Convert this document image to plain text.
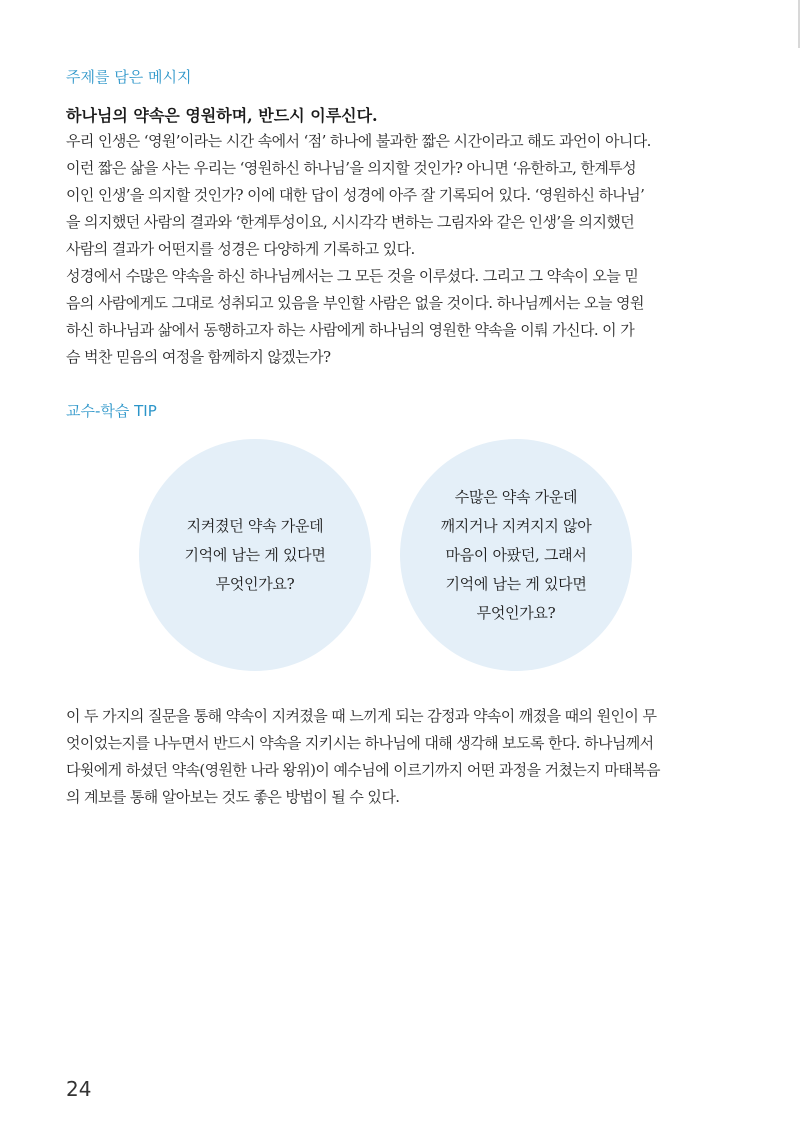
주제를 담은 메시지
하나님의 약속은 영원하며, 반드시 이루신다.
우리 인생은 ‘영원’이라는 시간 속에서 ‘점’ 하나에 불과한 짧은 시간이라고 해도 과언이 아니다.
이런 짧은 삶을 사는 우리는 ‘영원하신 하나님’을 의지할 것인가? 아니면 ‘유한하고, 한계투성
이인 인생’을 의지할 것인가? 이에 대한 답이 성경에 아주 잘 기록되어 있다. ‘영원하신 하나님’
을 의지했던 사람의 결과와 ‘한계투성이요, 시시각각 변하는 그림자와 같은 인생’을 의지했던
사람의 결과가 어떤지를 성경은 다양하게 기록하고 있다.
성경에서 수많은 약속을 하신 하나님께서는 그 모든 것을 이루셨다. 그리고 그 약속이 오늘 믿
음의 사람에게도 그대로 성취되고 있음을 부인할 사람은 없을 것이다. 하나님께서는 오늘 영원
하신 하나님과 삶에서 동행하고자 하는 사람에게 하나님의 영원한 약속을 이뤄 가신다. 이 가
슴 벅찬 믿음의 여정을 함께하지 않겠는가?
교수-학습 TIP
지켜졌던 약속 가운데
기억에 남는 게 있다면
무엇인가요?
수많은 약속 가운데
깨지거나 지켜지지 않아
마음이 아팠던, 그래서
기억에 남는 게 있다면
무엇인가요?
이 두 가지의 질문을 통해 약속이 지켜졌을 때 느끼게 되는 감정과 약속이 깨졌을 때의 원인이 무
엇이었는지를 나누면서 반드시 약속을 지키시는 하나님에 대해 생각해 보도록 한다. 하나님께서
다윗에게 하셨던 약속(영원한 나라 왕위)이 예수님에 이르기까지 어떤 과정을 거쳤는지 마태복음
의 계보를 통해 알아보는 것도 좋은 방법이 될 수 있다.
24
